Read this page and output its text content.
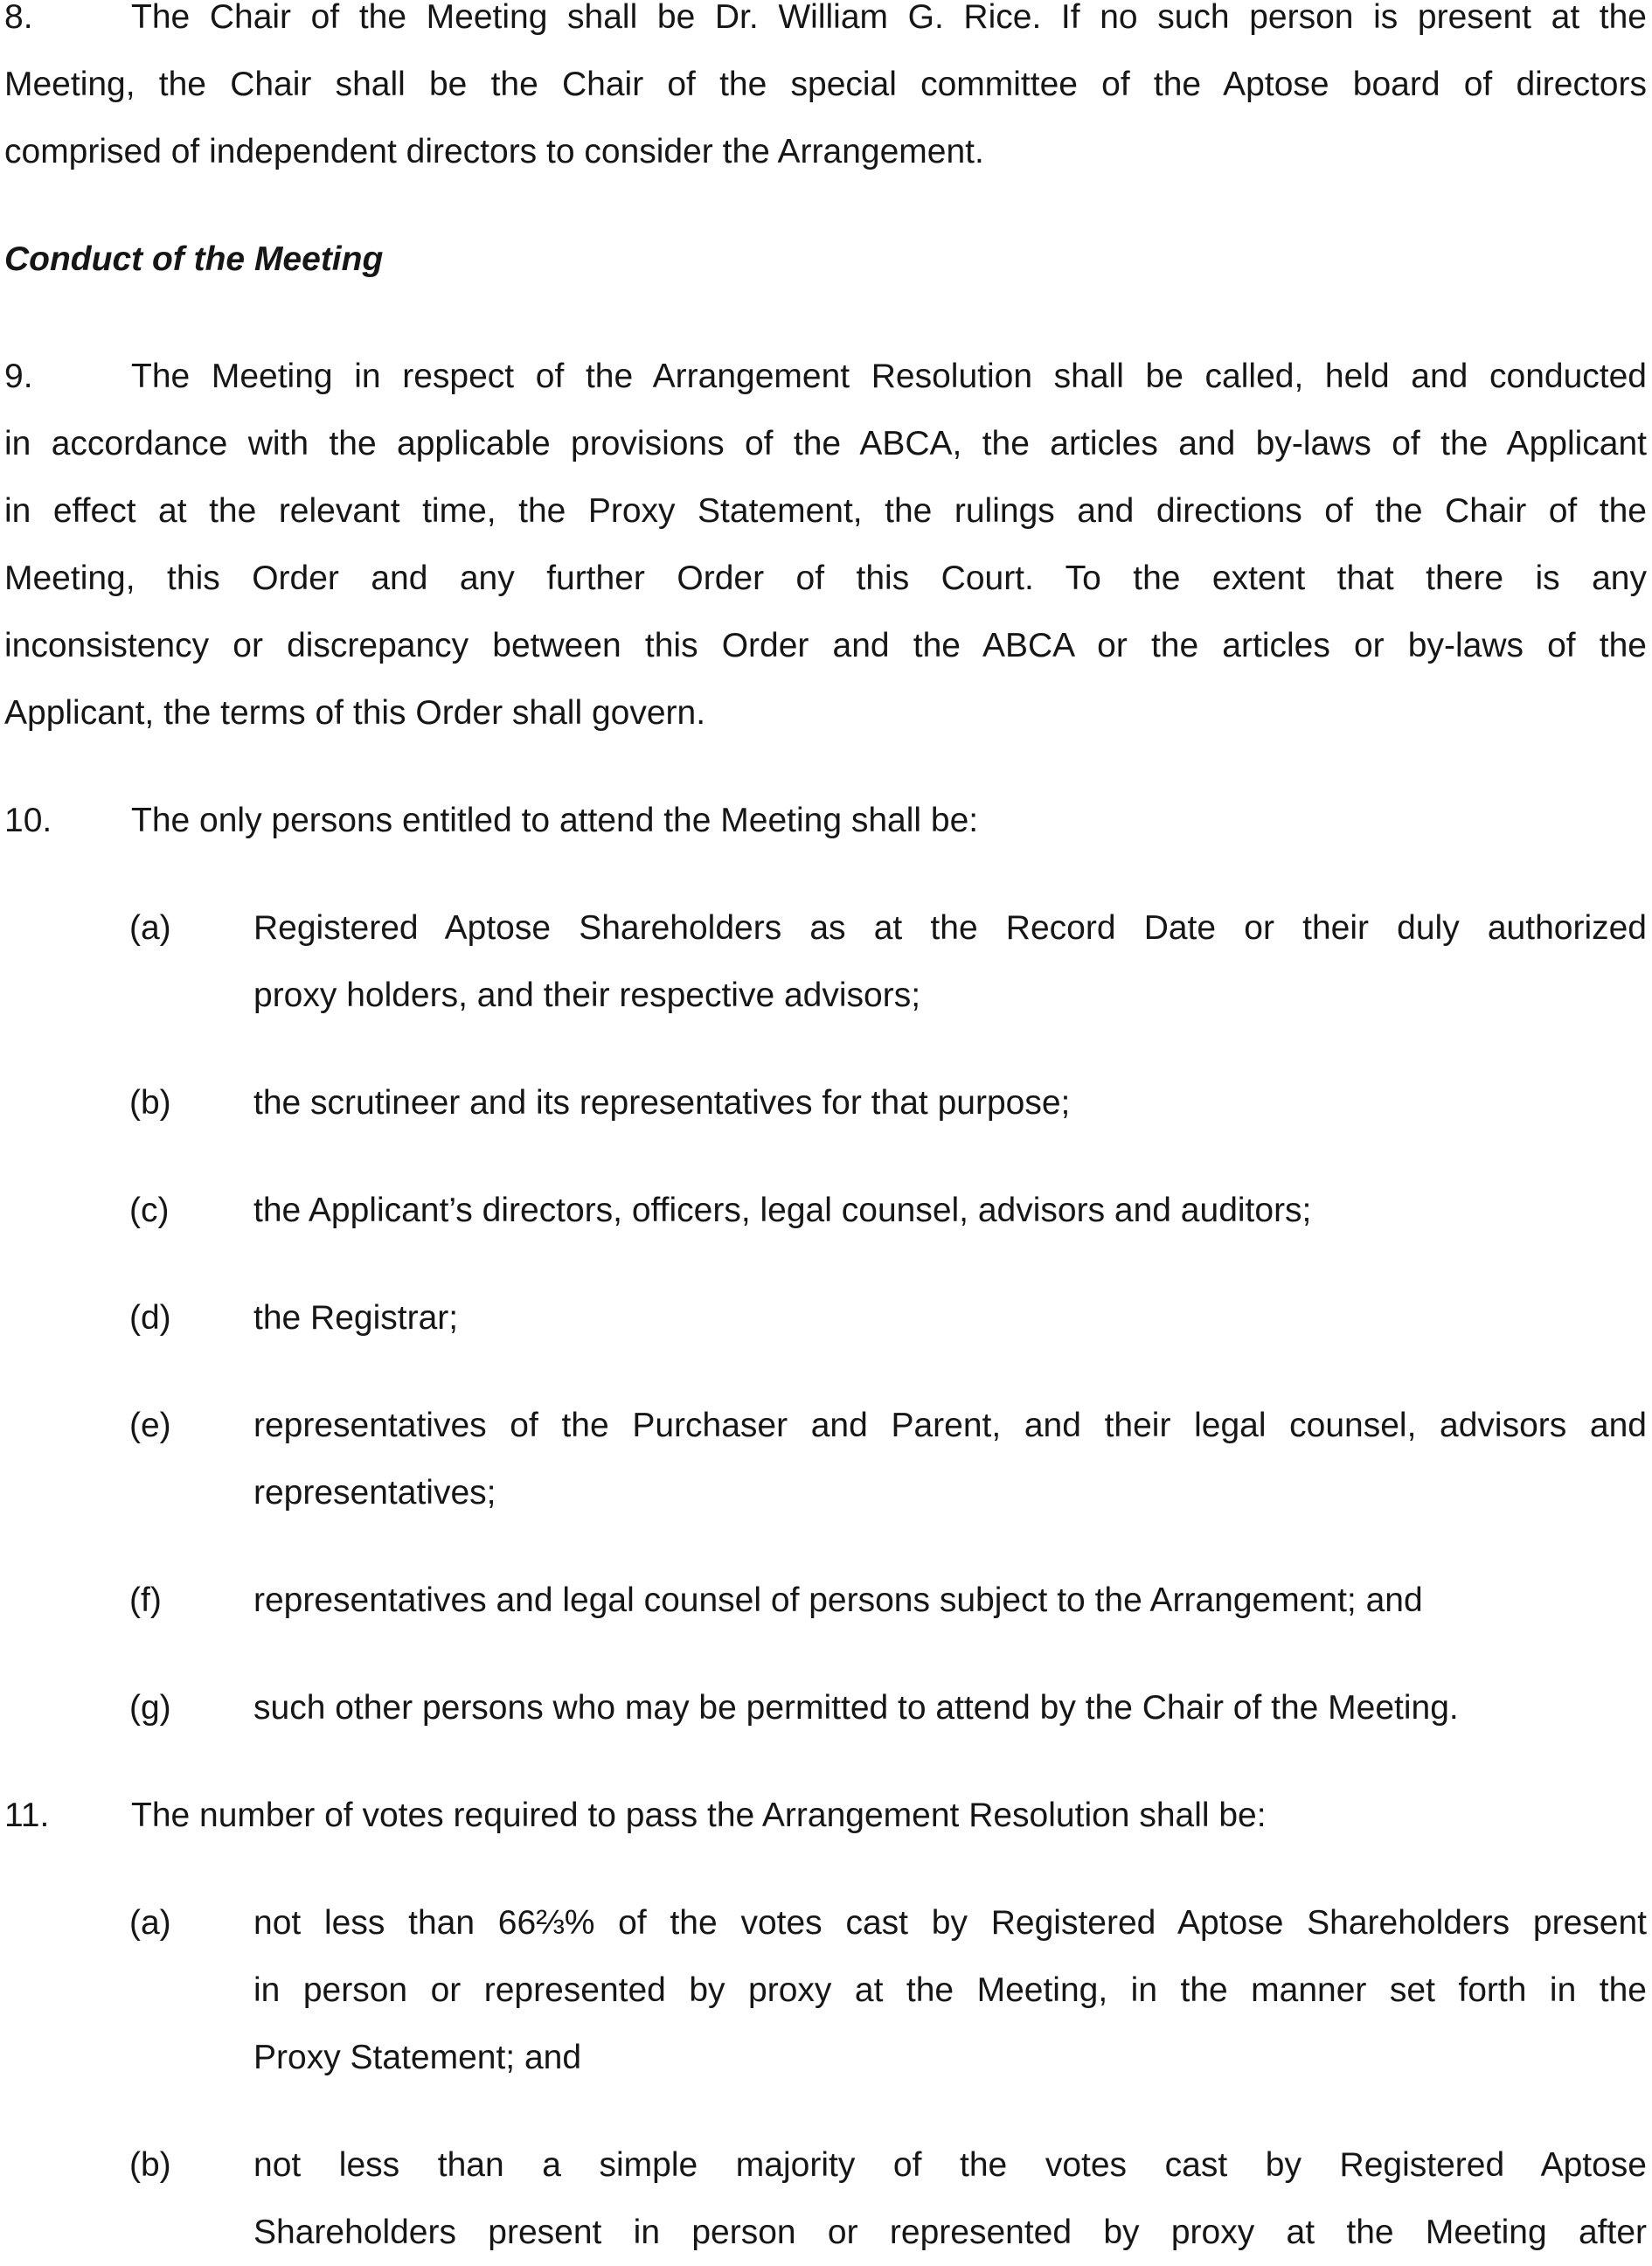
8.	The Chair of the Meeting shall be Dr. William G. Rice. If no such person is present at the
Meeting, the Chair shall be the Chair of the special committee of the Aptose board of directors
comprised of independent directors to consider the Arrangement.
Conduct of the Meeting
9.	The Meeting in respect of the Arrangement Resolution shall be called, held and conducted
in accordance with the applicable provisions of the ABCA, the articles and by-laws of the Applicant
in effect at the relevant time, the Proxy Statement, the rulings and directions of the Chair of the
Meeting, this Order and any further Order of this Court. To the extent that there is any
inconsistency or discrepancy between this Order and the ABCA or the articles or by-laws of the
Applicant, the terms of this Order shall govern.
10. The only persons entitled to attend the Meeting shall be:
(a) Registered Aptose Shareholders as at the Record Date or their duly authorized
proxy holders, and their respective advisors;
(b) the scrutineer and its representatives for that purpose;
(c) the Applicant’s directors, officers, legal counsel, advisors and auditors;
(d) the Registrar;
(e) representatives of the Purchaser and Parent, and their legal counsel, advisors and
representatives;
(f)	representatives and legal counsel of persons subject to the Arrangement; and
(g) such other persons who may be permitted to attend by the Chair of the Meeting.
11. The number of votes required to pass the Arrangement Resolution shall be:
(a) not less than 66⅔% of the votes cast by Registered Aptose Shareholders present
in person or represented by proxy at the Meeting, in the manner set forth in the
Proxy Statement; and
(b) not less than a simple majority of the votes cast by Registered Aptose
Shareholders present in person or represented by proxy at the Meeting after
